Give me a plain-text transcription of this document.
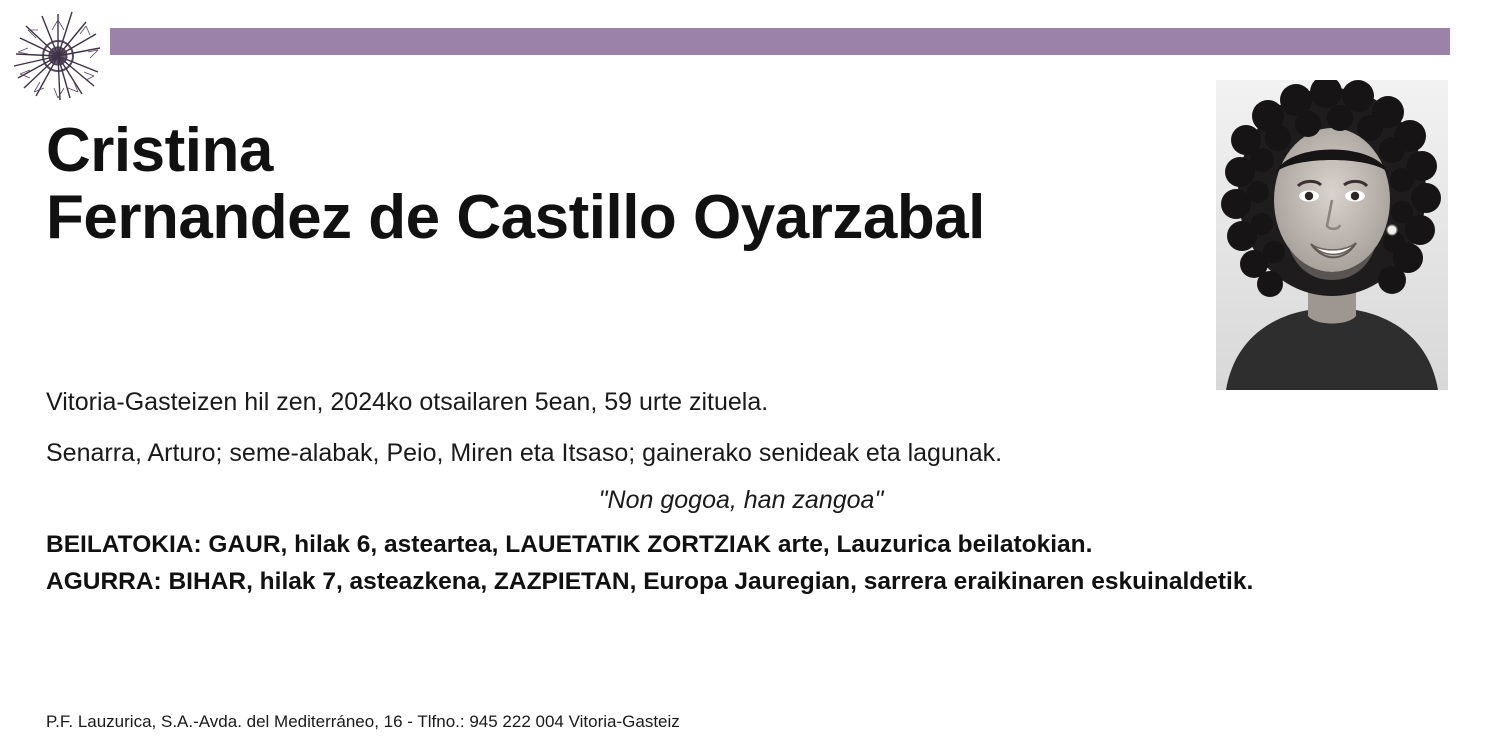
Cristina
Fernandez de Castillo Oyarzabal
Vitoria-Gasteizen hil zen, 2024ko otsailaren 5ean, 59 urte zituela.
Senarra, Arturo; seme-alabak, Peio, Miren eta Itsaso; gainerako senideak eta lagunak.
"Non gogoa, han zangoa"
BEILATOKIA: GAUR, hilak 6, asteartea, LAUETATIK ZORTZIAK arte, Lauzurica beilatokian.
AGURRA: BIHAR, hilak 7, asteazkena, ZAZPIETAN, Europa Jauregian, sarrera eraikinaren eskuinaldetik.
P.F. Lauzurica, S.A.-Avda. del Mediterráneo, 16 - Tlfno.: 945 222 004 Vitoria-Gasteiz
